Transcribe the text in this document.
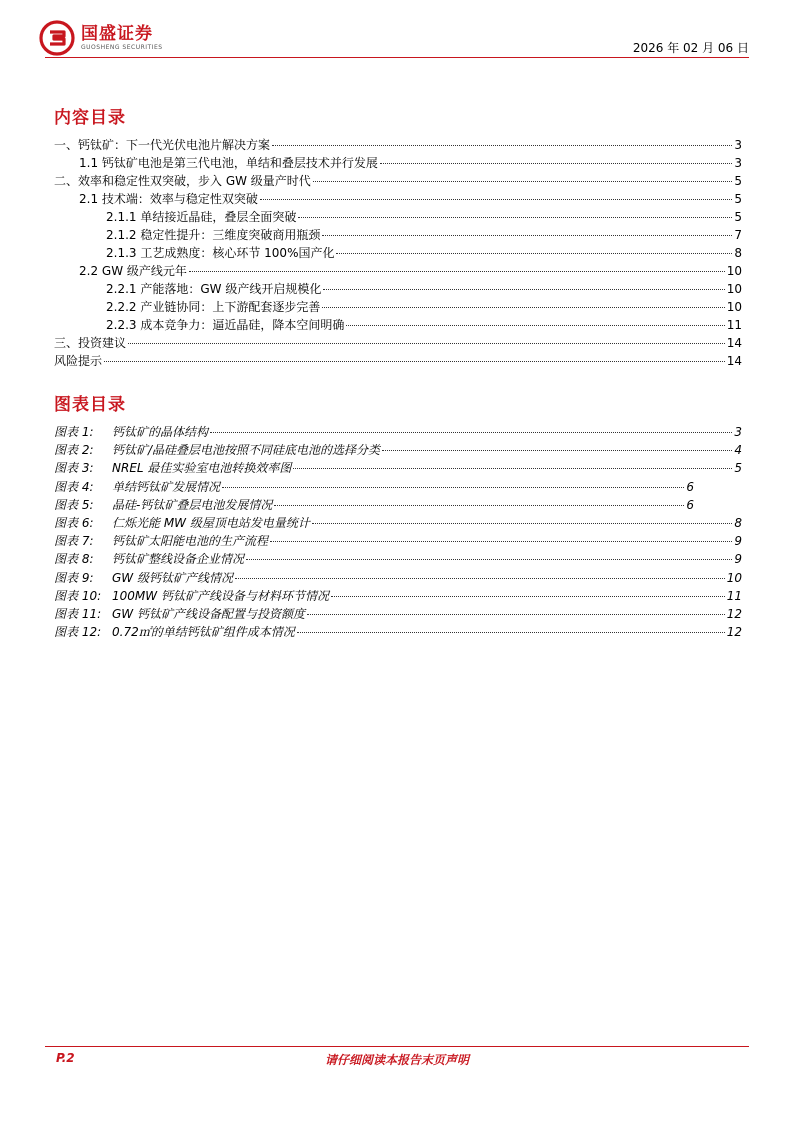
国盛证券
GUOSHENG SECURITIES	2026 年 02 月 06 日
内容目录
一、钙钛矿：下一代光伏电池片解决方案	3
1.1 钙钛矿电池是第三代电池，单结和叠层技术并行发展	3
二、效率和稳定性双突破，步入 GW 级量产时代	5
2.1 技术端：效率与稳定性双突破	5
2.1.1 单结接近晶硅，叠层全面突破	5
2.1.2 稳定性提升：三维度突破商用瓶颈	7
2.1.3 工艺成熟度：核心环节 100%国产化	8
2.2 GW 级产线元年	10
2.2.1 产能落地：GW 级产线开启规模化	10
2.2.2 产业链协同：上下游配套逐步完善	10
2.2.3 成本竞争力：逼近晶硅，降本空间明确	11
三、投资建议	14
风险提示	14
图表目录
图表 1:	钙钛矿的晶体结构	3
图表 2:	钙钛矿/晶硅叠层电池按照不同硅底电池的选择分类	4
图表 3:	NREL 最佳实验室电池转换效率图	5
图表 4:	单结钙钛矿发展情况	6
图表 5:	晶硅-钙钛矿叠层电池发展情况	6
图表 6:	仁烁光能 MW 级屋顶电站发电量统计	8
图表 7:	钙钛矿太阳能电池的生产流程	9
图表 8:	钙钛矿整线设备企业情况	9
图表 9:	GW 级钙钛矿产线情况	10
图表 10: 100MW 钙钛矿产线设备与材料环节情况	11
图表 11: GW 钙钛矿产线设备配置与投资额度	12
图表 12: 0.72㎡的单结钙钛矿组件成本情况	12
P.2	请仔细阅读本报告末页声明
